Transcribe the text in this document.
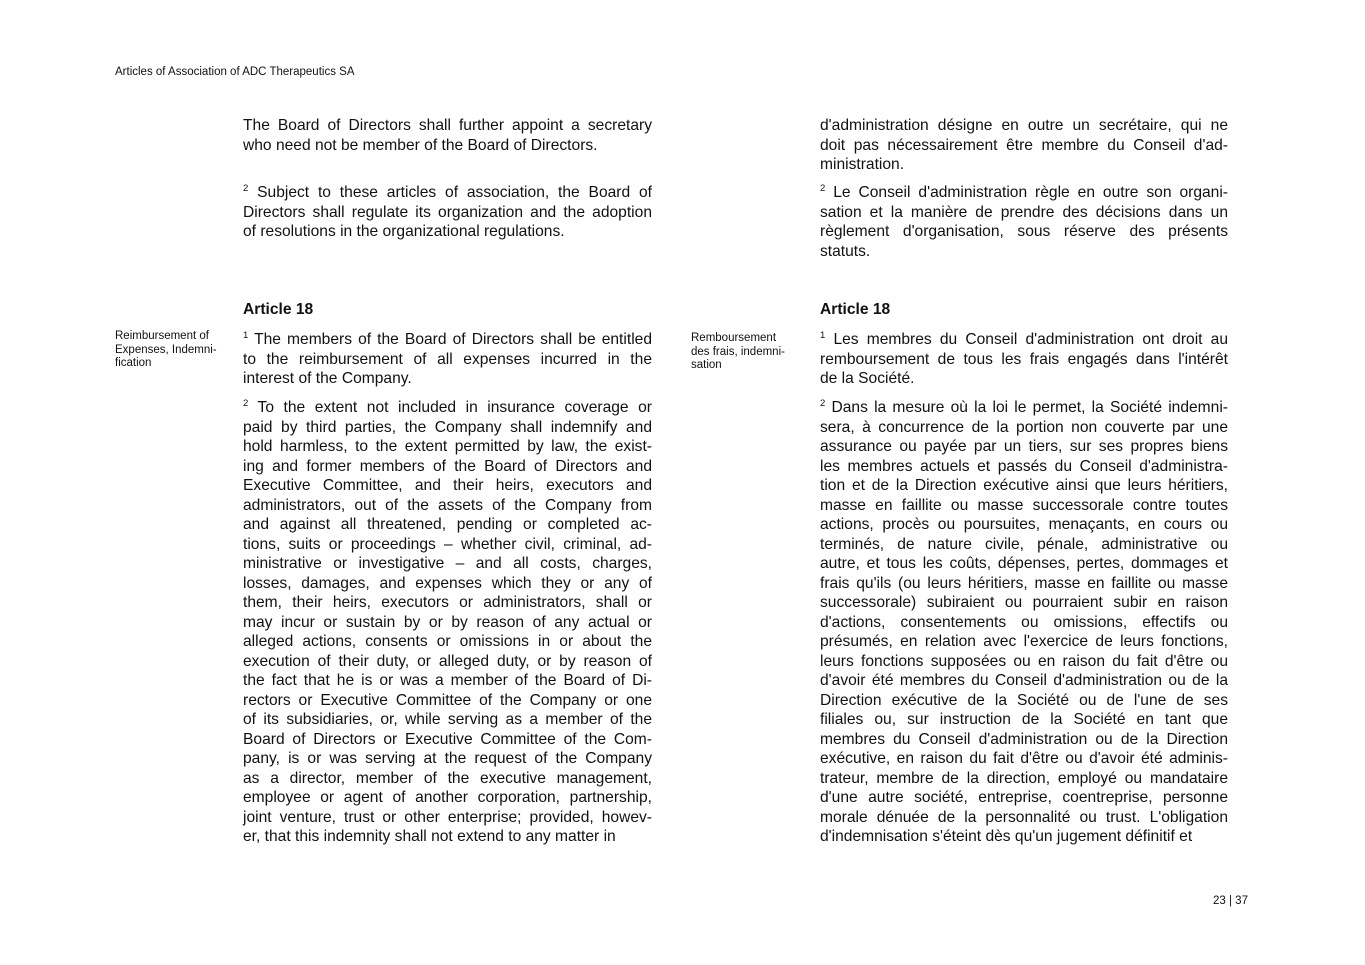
Articles of Association of ADC Therapeutics SA
The Board of Directors shall further appoint a secretary
who need not be member of the Board of Directors.
$^2$ Subject to these articles of association, the Board of
Directors shall regulate its organization and the adoption
of resolutions in the organizational regulations.
Article 18
Reimbursement of
Expenses, Indemni-
fication
$^1$ The members of the Board of Directors shall be entitled
to the reimbursement of all expenses incurred in the
interest of the Company.
$^2$ To the extent not included in insurance coverage or
paid by third parties, the Company shall indemnify and
hold harmless, to the extent permitted by law, the exist-
ing and former members of the Board of Directors and
Executive Committee, and their heirs, executors and
administrators, out of the assets of the Company from
and against all threatened, pending or completed ac-
tions, suits or proceedings – whether civil, criminal, ad-
ministrative or investigative – and all costs, charges,
losses, damages, and expenses which they or any of
them, their heirs, executors or administrators, shall or
may incur or sustain by or by reason of any actual or
alleged actions, consents or omissions in or about the
execution of their duty, or alleged duty, or by reason of
the fact that he is or was a member of the Board of Di-
rectors or Executive Committee of the Company or one
of its subsidiaries, or, while serving as a member of the
Board of Directors or Executive Committee of the Com-
pany, is or was serving at the request of the Company
as a director, member of the executive management,
employee or agent of another corporation, partnership,
joint venture, trust or other enterprise; provided, howev-
er, that this indemnity shall not extend to any matter in
d'administration désigne en outre un secrétaire, qui ne
doit pas nécessairement être membre du Conseil d'ad-
ministration.
$^2$ Le Conseil d'administration règle en outre son organi-
sation et la manière de prendre des décisions dans un
règlement d'organisation, sous réserve des présents
statuts.
Article 18
Remboursement
des frais, indemni-
sation
$^1$ Les membres du Conseil d'administration ont droit au
remboursement de tous les frais engagés dans l'intérêt
de la Société.
$^2$ Dans la mesure où la loi le permet, la Société indemni-
sera, à concurrence de la portion non couverte par une
assurance ou payée par un tiers, sur ses propres biens
les membres actuels et passés du Conseil d'administra-
tion et de la Direction exécutive ainsi que leurs héritiers,
masse en faillite ou masse successorale contre toutes
actions, procès ou poursuites, menaçants, en cours ou
terminés, de nature civile, pénale, administrative ou
autre, et tous les coûts, dépenses, pertes, dommages et
frais qu'ils (ou leurs héritiers, masse en faillite ou masse
successorale) subiraient ou pourraient subir en raison
d'actions, consentements ou omissions, effectifs ou
présumés, en relation avec l'exercice de leurs fonctions,
leurs fonctions supposées ou en raison du fait d'être ou
d'avoir été membres du Conseil d'administration ou de la
Direction exécutive de la Société ou de l'une de ses
filiales ou, sur instruction de la Société en tant que
membres du Conseil d'administration ou de la Direction
exécutive, en raison du fait d'être ou d'avoir été adminis-
trateur, membre de la direction, employé ou mandataire
d'une autre société, entreprise, coentreprise, personne
morale dénuée de la personnalité ou trust. L'obligation
d'indemnisation s'éteint dès qu'un jugement définitif et
23 | 37
